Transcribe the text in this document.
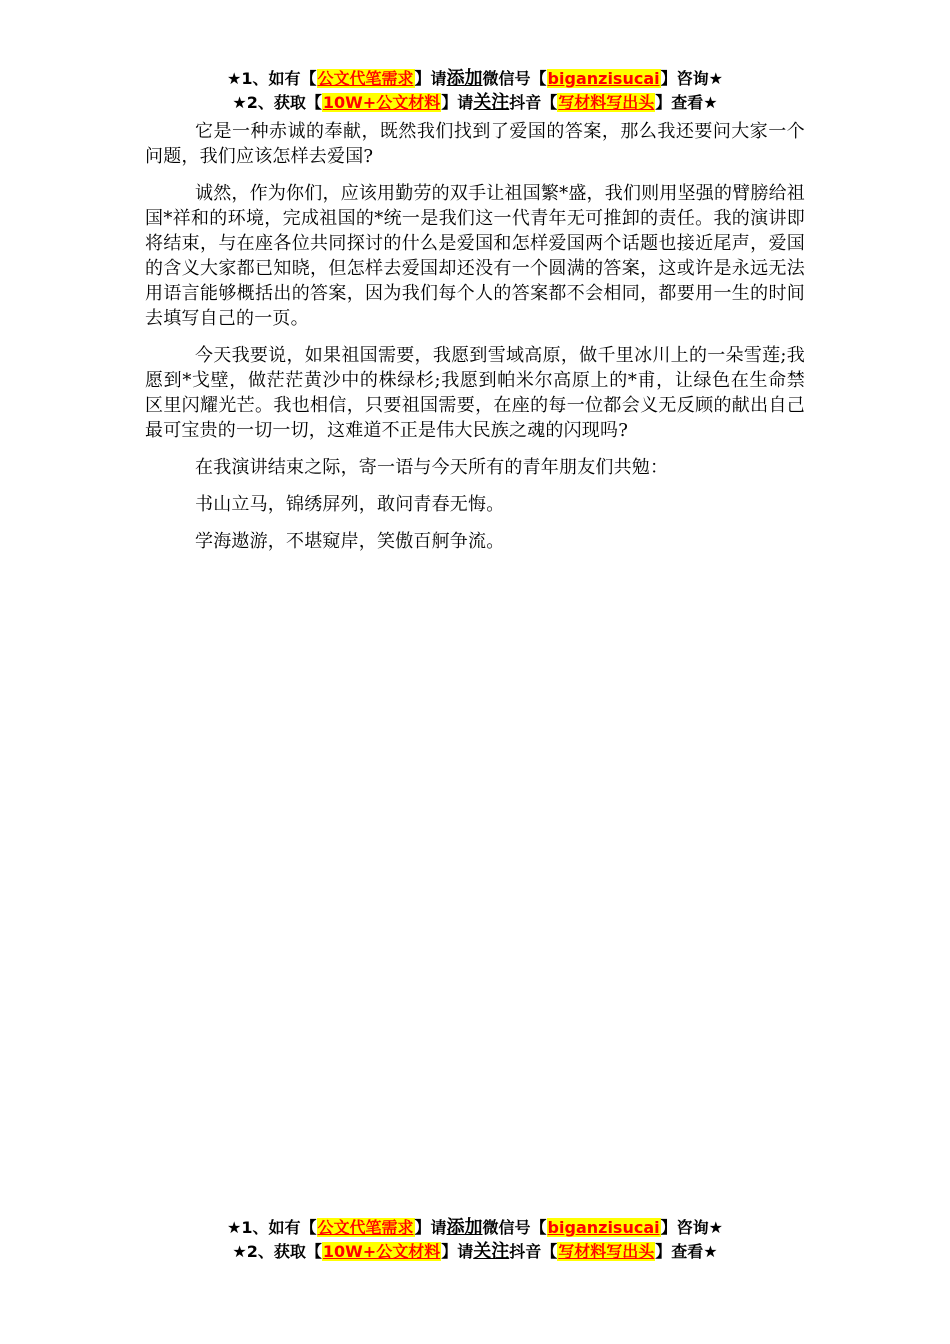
★1、如有【公文代笔需求】请添加微信号【biganzisucai】咨询★
★2、获取【10W+公文材料】请关注抖音【写材料写出头】查看★

它是一种赤诚的奉献，既然我们找到了爱国的答案，那么我还要问大家一个问题，我们应该怎样去爱国?

诚然，作为你们，应该用勤劳的双手让祖国繁*盛，我们则用坚强的臂膀给祖国*祥和的环境，完成祖国的*统一是我们这一代青年无可推卸的责任。我的演讲即将结束，与在座各位共同探讨的什么是爱国和怎样爱国两个话题也接近尾声，爱国的含义大家都已知晓，但怎样去爱国却还没有一个圆满的答案，这或许是永远无法用语言能够概括出的答案，因为我们每个人的答案都不会相同，都要用一生的时间去填写自己的一页。

今天我要说，如果祖国需要，我愿到雪域高原，做千里冰川上的一朵雪莲;我愿到*戈壁，做茫茫黄沙中的株绿杉;我愿到帕米尔高原上的*甫，让绿色在生命禁区里闪耀光芒。我也相信，只要祖国需要，在座的每一位都会义无反顾的献出自己最可宝贵的一切一切，这难道不正是伟大民族之魂的闪现吗?

在我演讲结束之际，寄一语与今天所有的青年朋友们共勉：

书山立马，锦绣屏列，敢问青春无悔。

学海遨游，不堪窥岸，笑傲百舸争流。

★1、如有【公文代笔需求】请添加微信号【biganzisucai】咨询★
★2、获取【10W+公文材料】请关注抖音【写材料写出头】查看★
